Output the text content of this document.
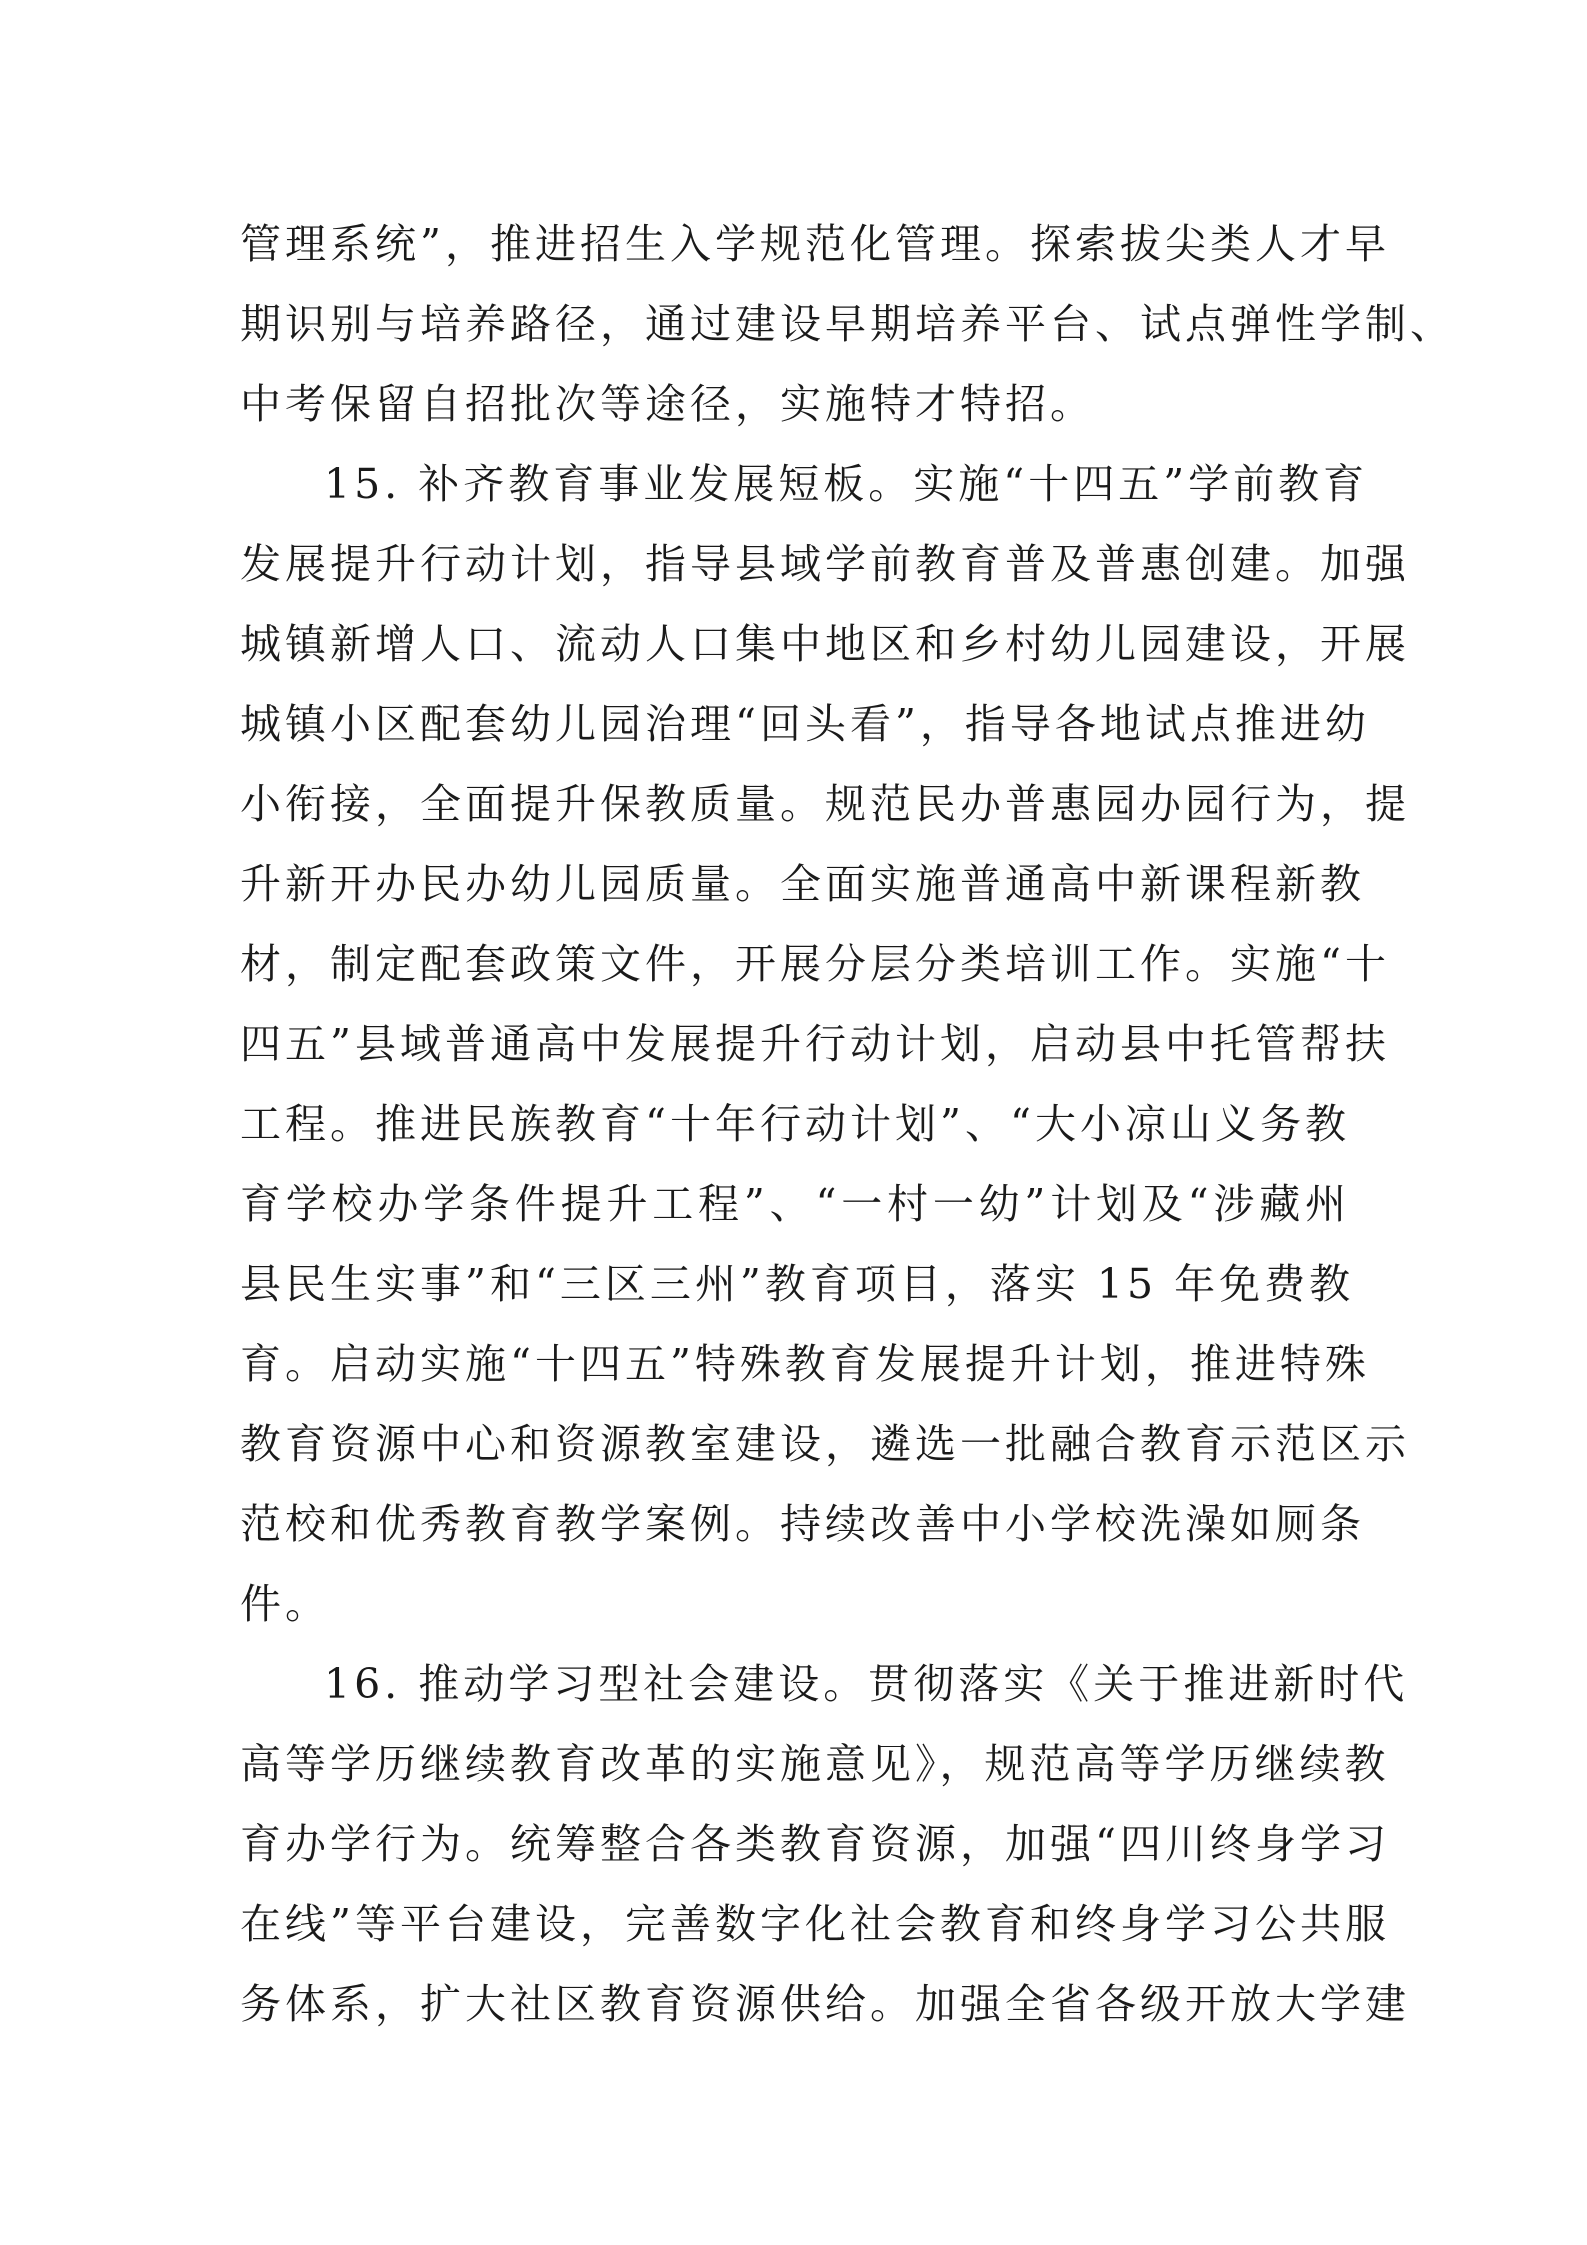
管理系统”，推进招生入学规范化管理。探索拔尖类人才早
期识别与培养路径，通过建设早期培养平台、试点弹性学制、
中考保留自招批次等途径，实施特才特招。
15. 补齐教育事业发展短板。实施“十四五”学前教育
发展提升行动计划，指导县域学前教育普及普惠创建。加强
城镇新增人口、流动人口集中地区和乡村幼儿园建设，开展
城镇小区配套幼儿园治理“回头看”，指导各地试点推进幼
小衔接，全面提升保教质量。规范民办普惠园办园行为，提
升新开办民办幼儿园质量。全面实施普通高中新课程新教
材，制定配套政策文件，开展分层分类培训工作。实施“十
四五”县域普通高中发展提升行动计划，启动县中托管帮扶
工程。推进民族教育“十年行动计划”、“大小凉山义务教
育学校办学条件提升工程”、“一村一幼”计划及“涉藏州
县民生实事”和“三区三州”教育项目，落实 15 年免费教
育。启动实施“十四五”特殊教育发展提升计划，推进特殊
教育资源中心和资源教室建设，遴选一批融合教育示范区示
范校和优秀教育教学案例。持续改善中小学校洗澡如厕条
件。
16. 推动学习型社会建设。贯彻落实《关于推进新时代
高等学历继续教育改革的实施意见》，规范高等学历继续教
育办学行为。统筹整合各类教育资源，加强“四川终身学习
在线”等平台建设，完善数字化社会教育和终身学习公共服
务体系，扩大社区教育资源供给。加强全省各级开放大学建
